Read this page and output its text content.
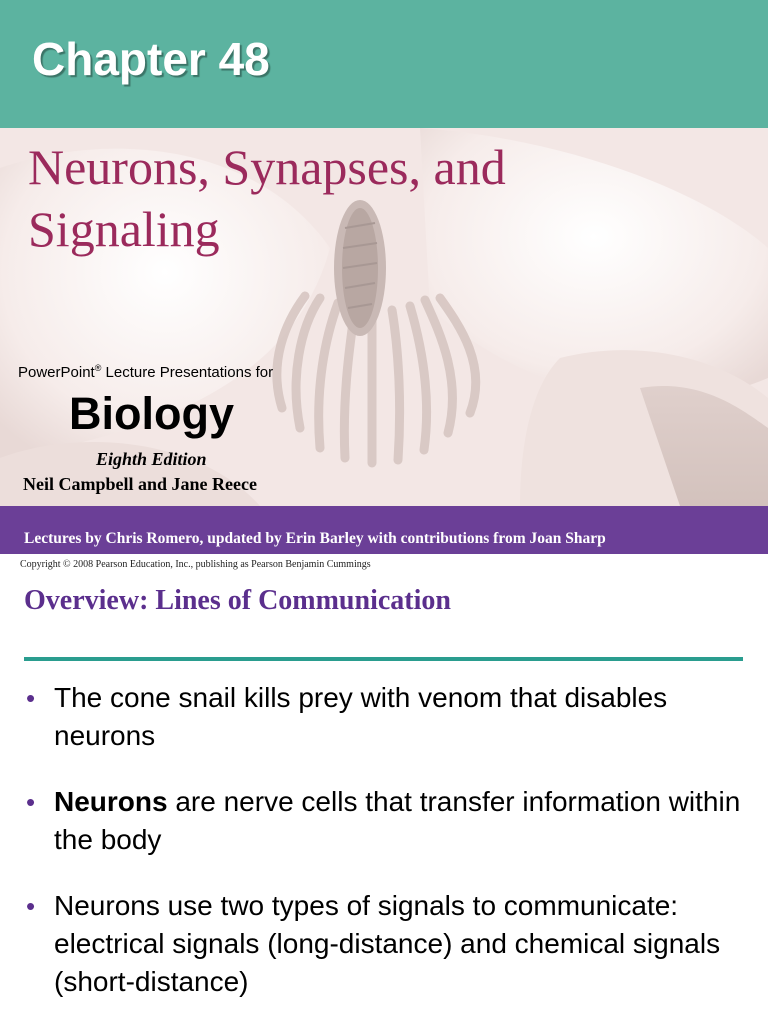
Chapter 48
Neurons, Synapses, and
Signaling
PowerPoint® Lecture Presentations for
Biology
Eighth Edition
Neil Campbell and Jane Reece
Lectures by Chris Romero, updated by Erin Barley with contributions from Joan Sharp
Copyright © 2008 Pearson Education, Inc., publishing as Pearson Benjamin Cummings
Overview: Lines of Communication
• The cone snail kills prey with venom that disables neurons
• Neurons are nerve cells that transfer information within the body
• Neurons use two types of signals to communicate: electrical signals (long-distance) and chemical signals (short-distance)
